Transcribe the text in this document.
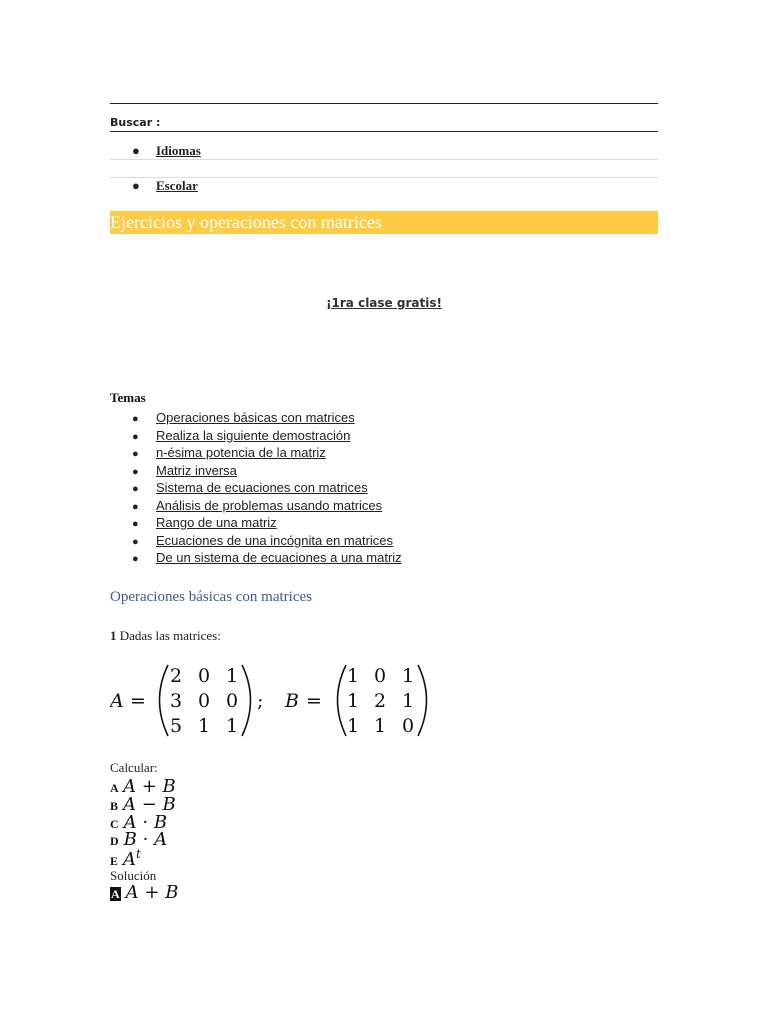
Buscar :
● Idiomas
● Escolar
Ejercicios y operaciones con matrices
¡1ra clase gratis!
Temas
● Operaciones básicas con matrices
● Realiza la siguiente demostración
● n-ésima potencia de la matriz
● Matriz inversa
● Sistema de ecuaciones con matrices
● Análisis de problemas usando matrices
● Rango de una matriz
● Ecuaciones de una incógnita en matrices
● De un sistema de ecuaciones a una matriz
Operaciones básicas con matrices
1 Dadas las matrices:
A =
2 0 1
3 0 0
5 1 1
; B =
1 0 1
1 2 1
1 1 0
Calcular:
A A + B
B A − B
C A · B
D B · A
E $A^t$
Solución
A A + B
